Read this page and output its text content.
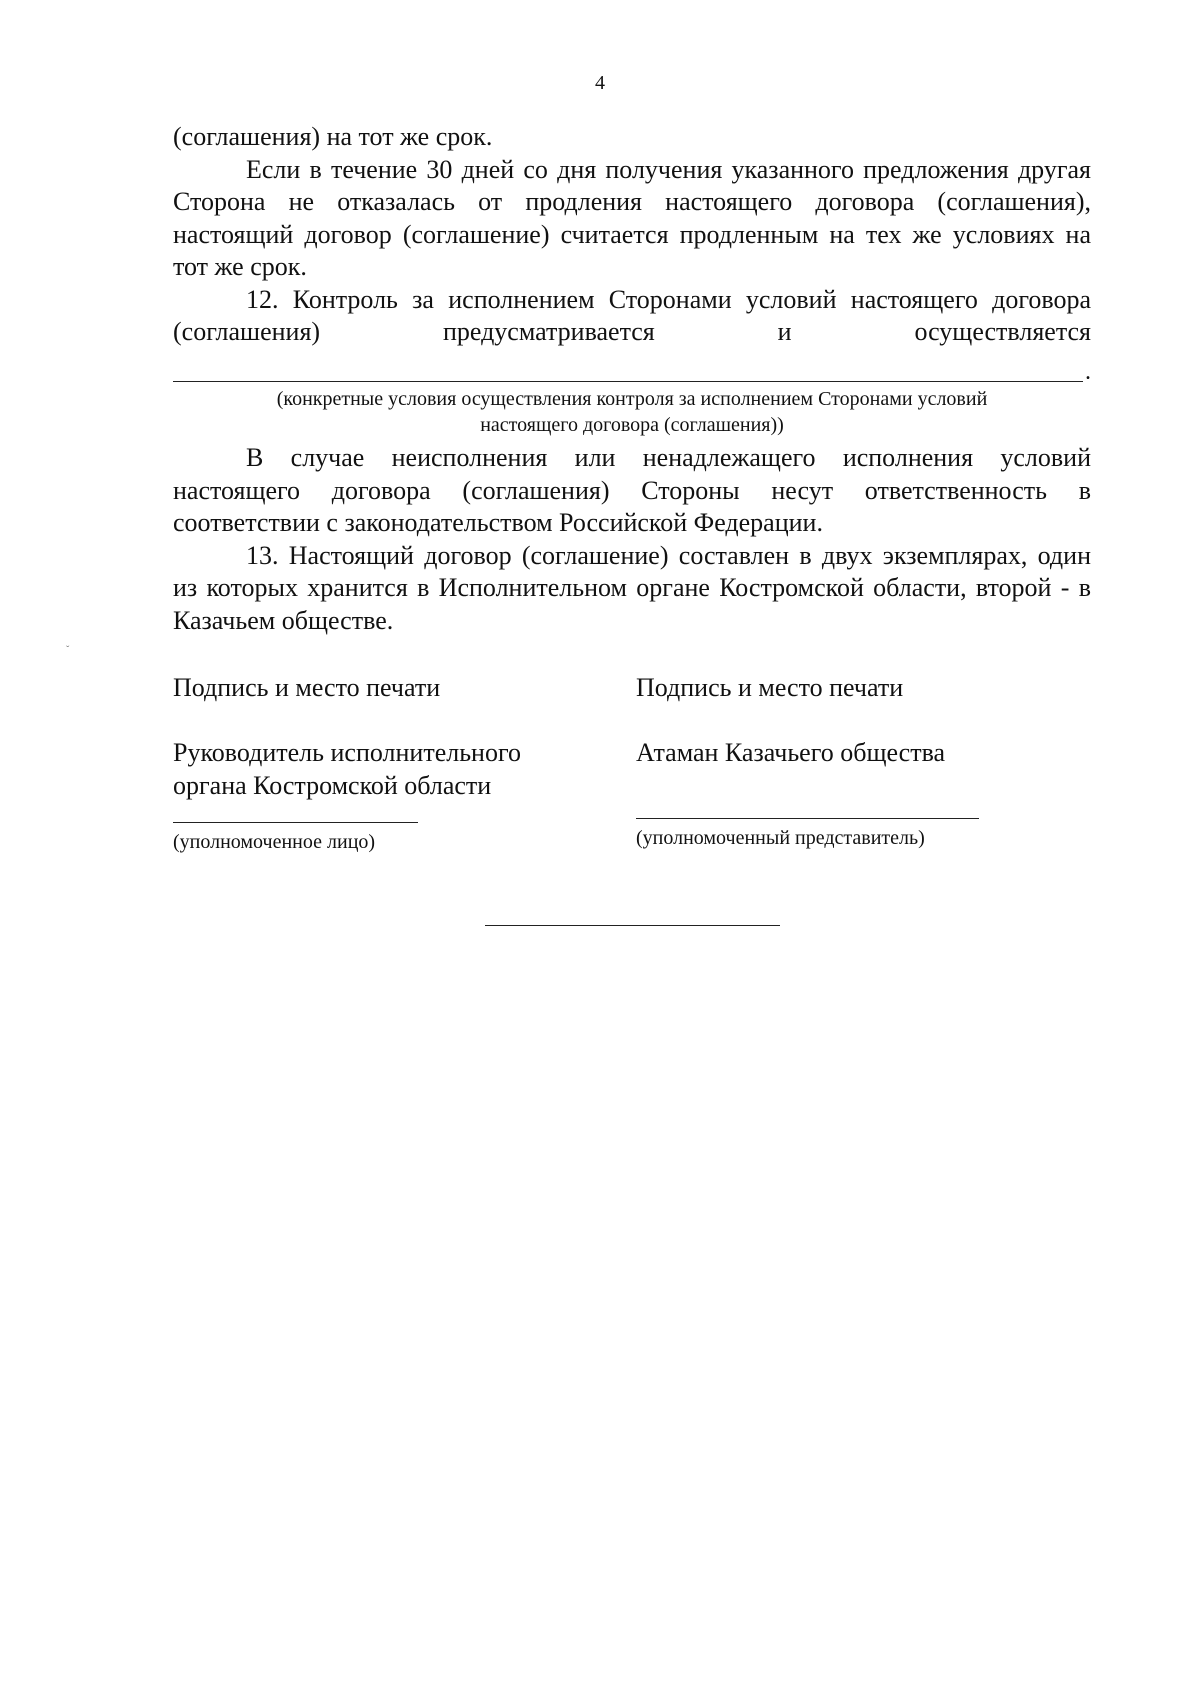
4

(соглашения) на тот же срок.

Если в течение 30 дней со дня получения указанного предложения другая Сторона не отказалась от продления настоящего договора (соглашения), настоящий договор (соглашение) считается продленным на тех же условиях на тот же срок.

12. Контроль за исполнением Сторонами условий настоящего договора (соглашения) предусматривается и осуществляется

.
(конкретные условия осуществления контроля за исполнением Сторонами условий
настоящего договора (соглашения))

В случае неисполнения или ненадлежащего исполнения условий настоящего договора (соглашения) Стороны несут ответственность в соответствии с законодательством Российской Федерации.

13. Настоящий договор (соглашение) составлен в двух экземплярах, один из которых хранится в Исполнительном органе Костромской области, второй - в Казачьем обществе.

ˇ
Подпись и место печати	Подпись и место печати
Руководитель исполнительного
органа Костромской области
Атаман Казачьего общества
(уполномоченное лицо)	(уполномоченный представитель)
